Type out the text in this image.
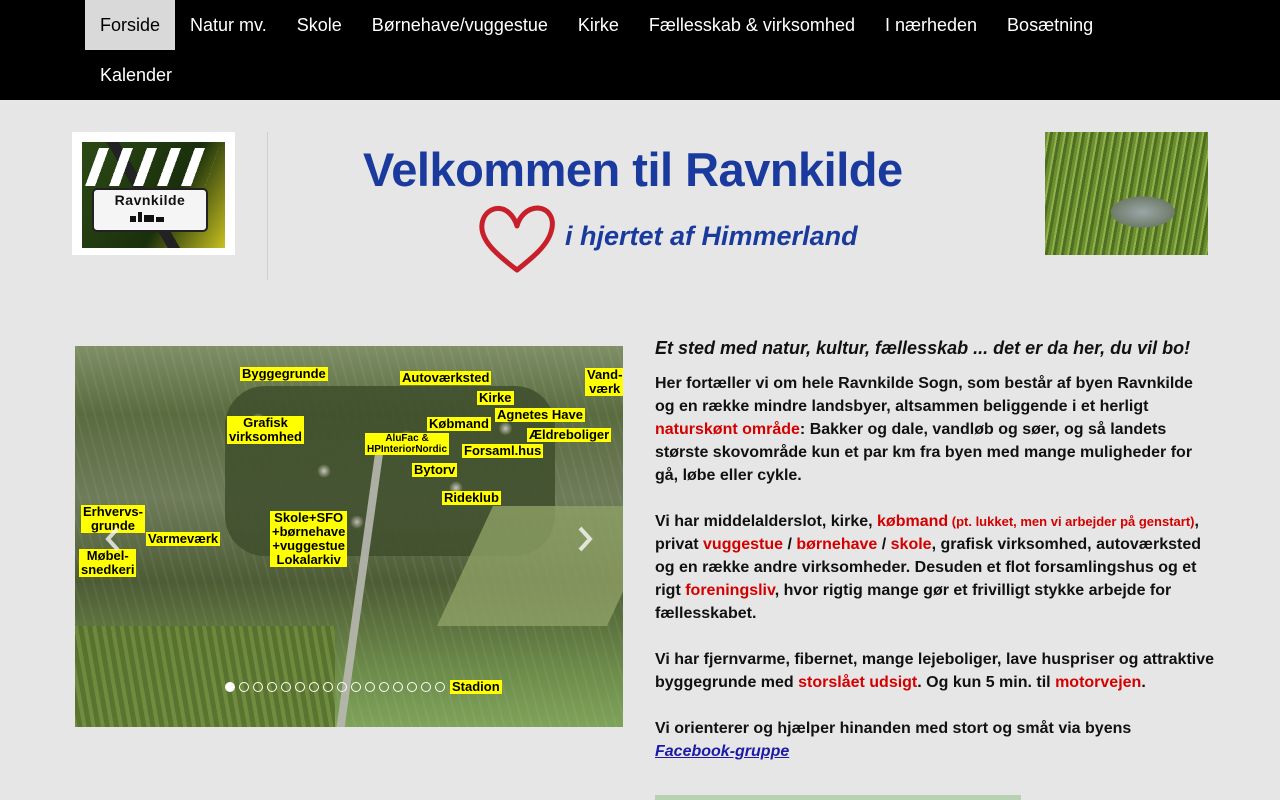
Forside	Natur mv.	Skole	Børnehave/vuggestue	Kirke	Fællesskab & virksomhed	I nærheden	Bosætning
Kalender
Ravnkilde
Velkommen til Ravnkilde
i hjertet af Himmerland
Byggegrunde	Autoværksted	Vand-
værk
Kirke
Agnetes Have
Grafisk
virksomhed
Købmand
Ældreboliger
AluFac &
HPInteriorNordic Forsaml.hus
Bytorv
Rideklub
Erhvervs-
grunde
Skole+SFO
+børnehave
+vuggestue
Lokalarkiv
Varmeværk
Møbel-
snedkeri
Stadion

Et sted med natur, kultur, fællesskab ... det er da her, du vil bo!

Her fortæller vi om hele Ravnkilde Sogn, som består af byen Ravnkilde og en række mindre landsbyer, altsammen beliggende i et herligt naturskønt område: Bakker og dale, vandløb og søer, og så landets største skovområde kun et par km fra byen med mange muligheder for gå, løbe eller cykle.

Vi har middelalderslot, kirke, købmand (pt. lukket, men vi arbejder på genstart), privat vuggestue / børnehave / skole, grafisk virksomhed, autoværksted og en række andre virksomheder. Desuden et flot forsamlingshus og et rigt foreningsliv, hvor rigtig mange gør et frivilligt stykke arbejde for fællesskabet.

Vi har fjernvarme, fibernet, mange lejeboliger, lave huspriser og attraktive byggegrunde med storslået udsigt. Og kun 5 min. til motorvejen.

Vi orienterer og hjælper hinanden med stort og småt via byens Facebook-gruppe
